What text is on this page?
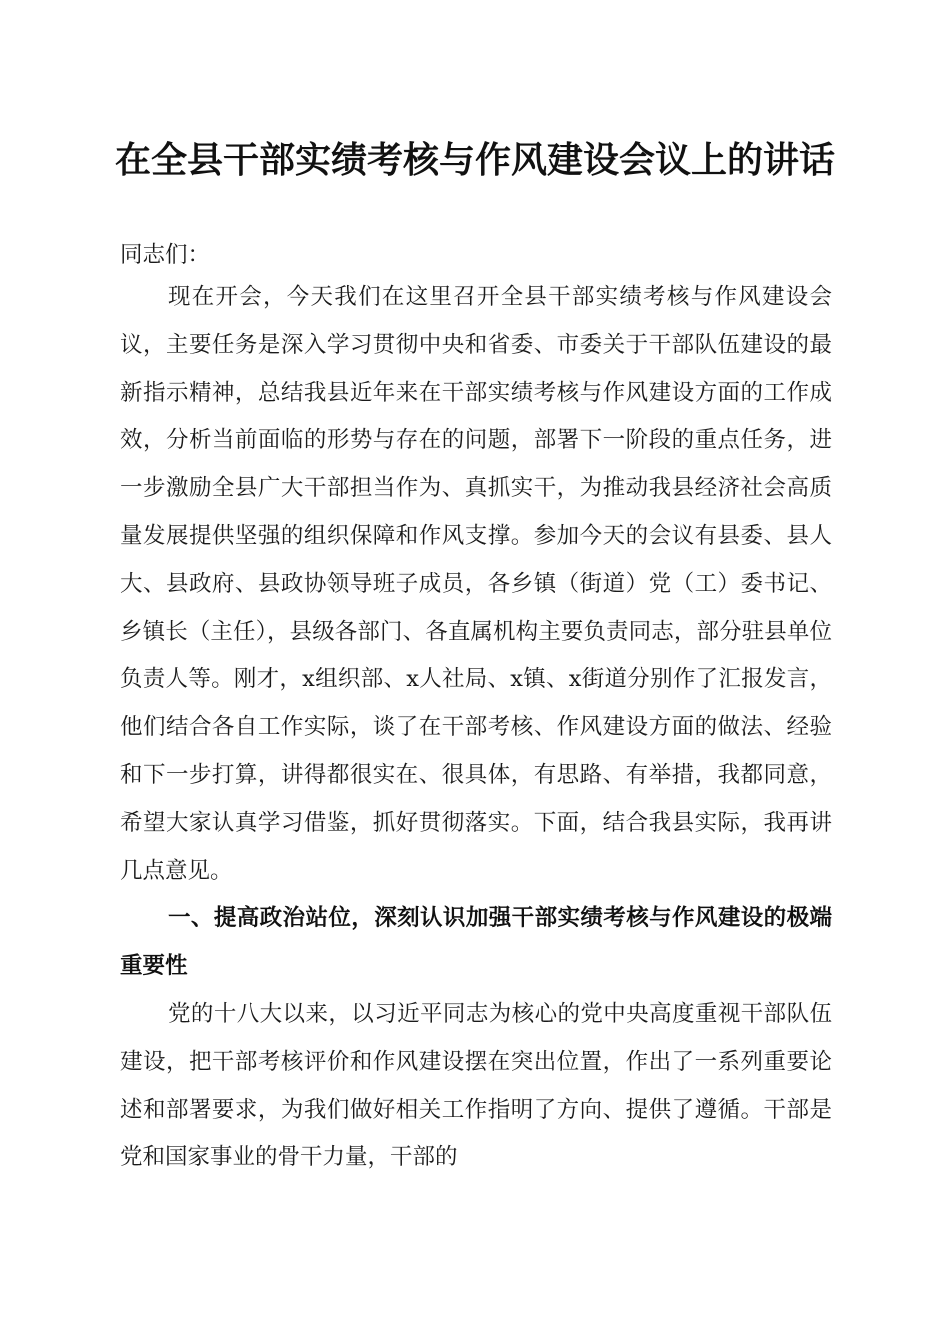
在全县干部实绩考核与作风建设会议上的讲话
同志们：

现在开会，今天我们在这里召开全县干部实绩考核与作风建设会议，主要任务是深入学习贯彻中央和省委、市委关于干部队伍建设的最新指示精神，总结我县近年来在干部实绩考核与作风建设方面的工作成效，分析当前面临的形势与存在的问题，部署下一阶段的重点任务，进一步激励全县广大干部担当作为、真抓实干，为推动我县经济社会高质量发展提供坚强的组织保障和作风支撑。参加今天的会议有县委、县人大、县政府、县政协领导班子成员，各乡镇（街道）党（工）委书记、乡镇长（主任），县级各部门、各直属机构主要负责同志，部分驻县单位负责人等。刚才，x组织部、x人社局、x镇、x街道分别作了汇报发言，他们结合各自工作实际，谈了在干部考核、作风建设方面的做法、经验和下一步打算，讲得都很实在、很具体，有思路、有举措，我都同意，希望大家认真学习借鉴，抓好贯彻落实。下面，结合我县实际，我再讲几点意见。

一、提高政治站位，深刻认识加强干部实绩考核与作风建设的极端重要性

党的十八大以来，以习近平同志为核心的党中央高度重视干部队伍建设，把干部考核评价和作风建设摆在突出位置，作出了一系列重要论述和部署要求，为我们做好相关工作指明了方向、提供了遵循。干部是党和国家事业的骨干力量，干部的
